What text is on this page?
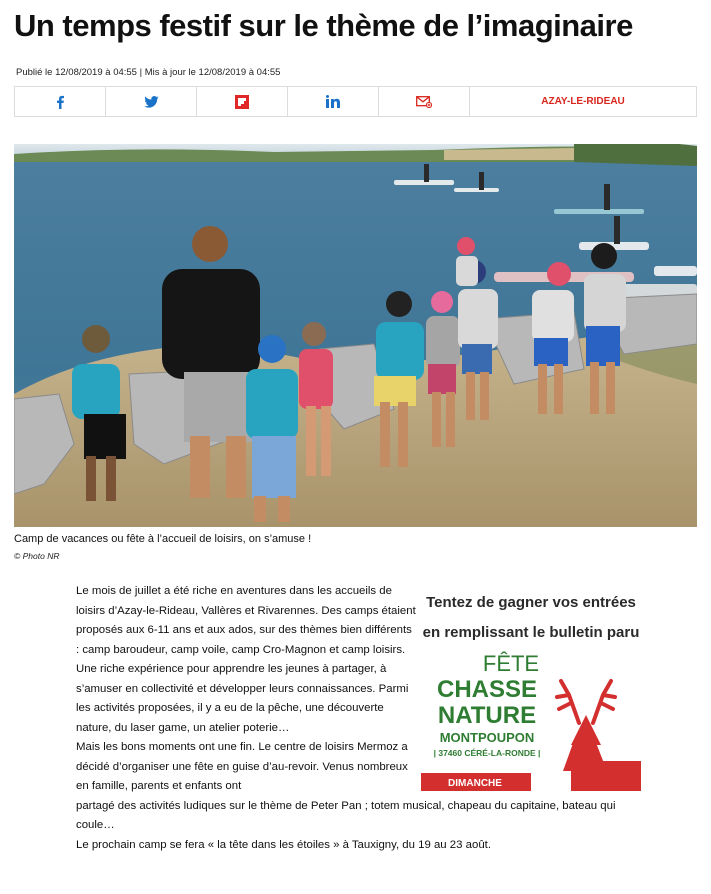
Un temps festif sur le thème de l’imaginaire
Publié le 12/08/2019 à 04:55 | Mis à jour le 12/08/2019 à 04:55
AZAY-LE-RIDEAU
Camp de vacances ou fête à l’accueil de loisirs, on s’amuse !
© Photo NR

Le mois de juillet a été riche en aventures dans les accueils de loisirs d’Azay-le-Rideau, Vallères et Rivarennes. Des camps étaient proposés aux 6-11 ans et aux ados, sur des thèmes bien différents : camp baroudeur, camp voile, camp Cro-Magnon et camp loisirs. Une riche expérience pour apprendre les jeunes à partager, à s’amuser en collectivité et développer leurs connaissances. Parmi les activités proposées, il y a eu de la pêche, une découverte nature, du laser game, un atelier poterie…

Mais les bons moments ont une fin. Le centre de loisirs Mermoz a décidé d’organiser une fête en guise d’au-revoir. Venus nombreux en famille, parents et enfants ont

partagé des activités ludiques sur le thème de Peter Pan ; totem musical, chapeau du capitaine, bateau qui coule…

Le prochain camp se fera « la tête dans les étoiles » à Tauxigny, du 19 au 23 août.

Tentez de gagner vos entrées
en remplissant le bulletin paru
FÊTE
CHASSE
NATURE
MONTPOUPON
| 37460 CÉRÉ-LA-RONDE |
DIMANCHE
